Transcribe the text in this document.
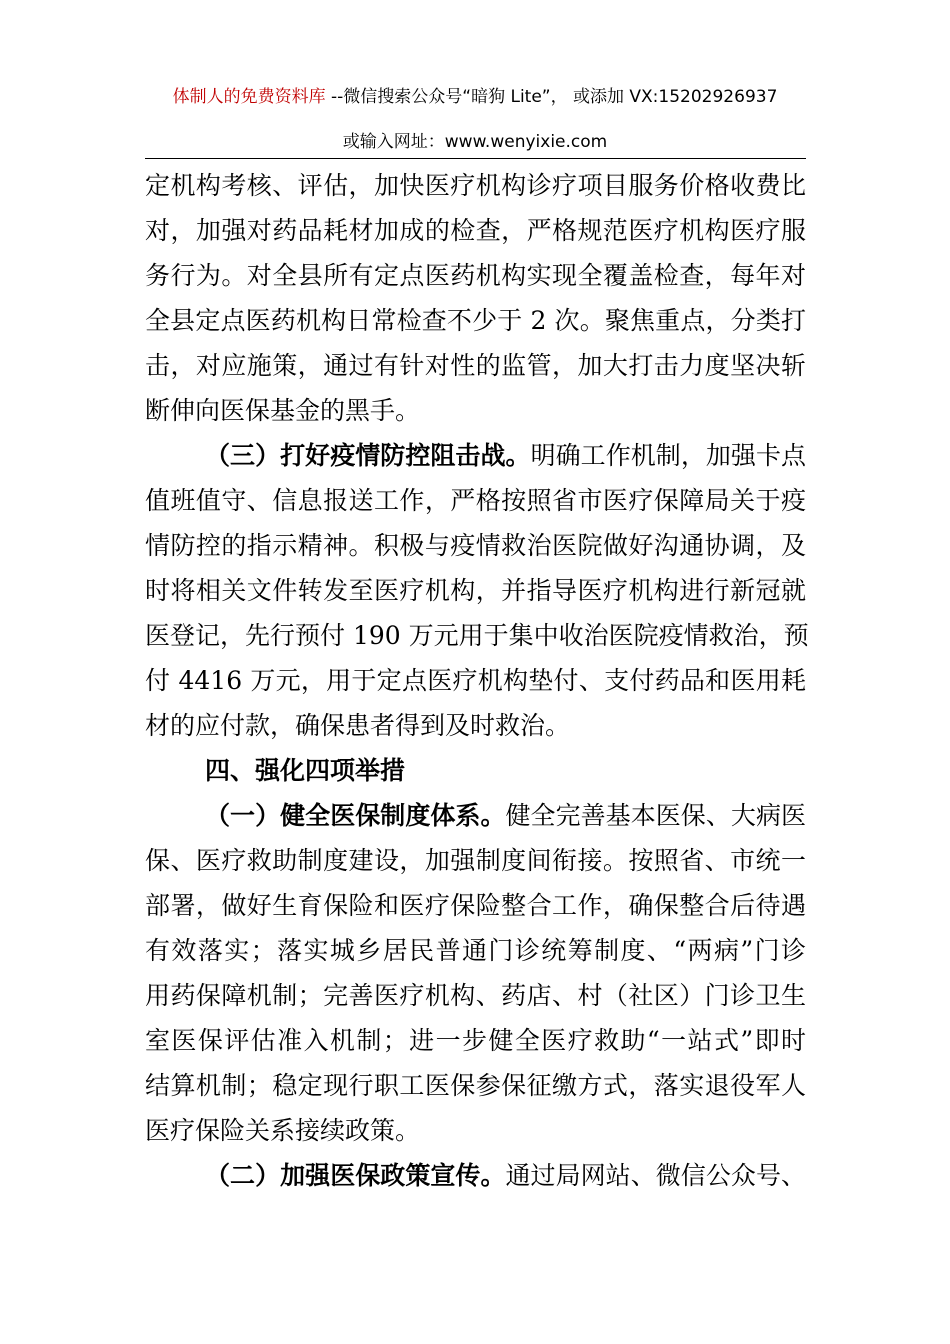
体制人的免费资料库 --微信搜索公众号“暗狗 Lite”， 或添加 VX:15202926937
或输入网址：www.wenyixie.com
定机构考核、评估，加快医疗机构诊疗项目服务价格收费比
对，加强对药品耗材加成的检查，严格规范医疗机构医疗服
务行为。对全县所有定点医药机构实现全覆盖检查，每年对
全县定点医药机构日常检查不少于 2 次。聚焦重点，分类打
击，对应施策，通过有针对性的监管，加大打击力度坚决斩
断伸向医保基金的黑手。
（三）打好疫情防控阻击战。明确工作机制，加强卡点
值班值守、信息报送工作，严格按照省市医疗保障局关于疫
情防控的指示精神。积极与疫情救治医院做好沟通协调，及
时将相关文件转发至医疗机构，并指导医疗机构进行新冠就
医登记，先行预付 190 万元用于集中收治医院疫情救治，预
付 4416 万元，用于定点医疗机构垫付、支付药品和医用耗
材的应付款，确保患者得到及时救治。
四、强化四项举措
（一）健全医保制度体系。健全完善基本医保、大病医
保、医疗救助制度建设，加强制度间衔接。按照省、市统一
部署，做好生育保险和医疗保险整合工作，确保整合后待遇
有效落实；落实城乡居民普通门诊统筹制度、“两病”门诊
用药保障机制；完善医疗机构、药店、村（社区）门诊卫生
室医保评估准入机制；进一步健全医疗救助“一站式”即时
结算机制；稳定现行职工医保参保征缴方式，落实退役军人
医疗保险关系接续政策。
（二）加强医保政策宣传。通过局网站、微信公众号、
